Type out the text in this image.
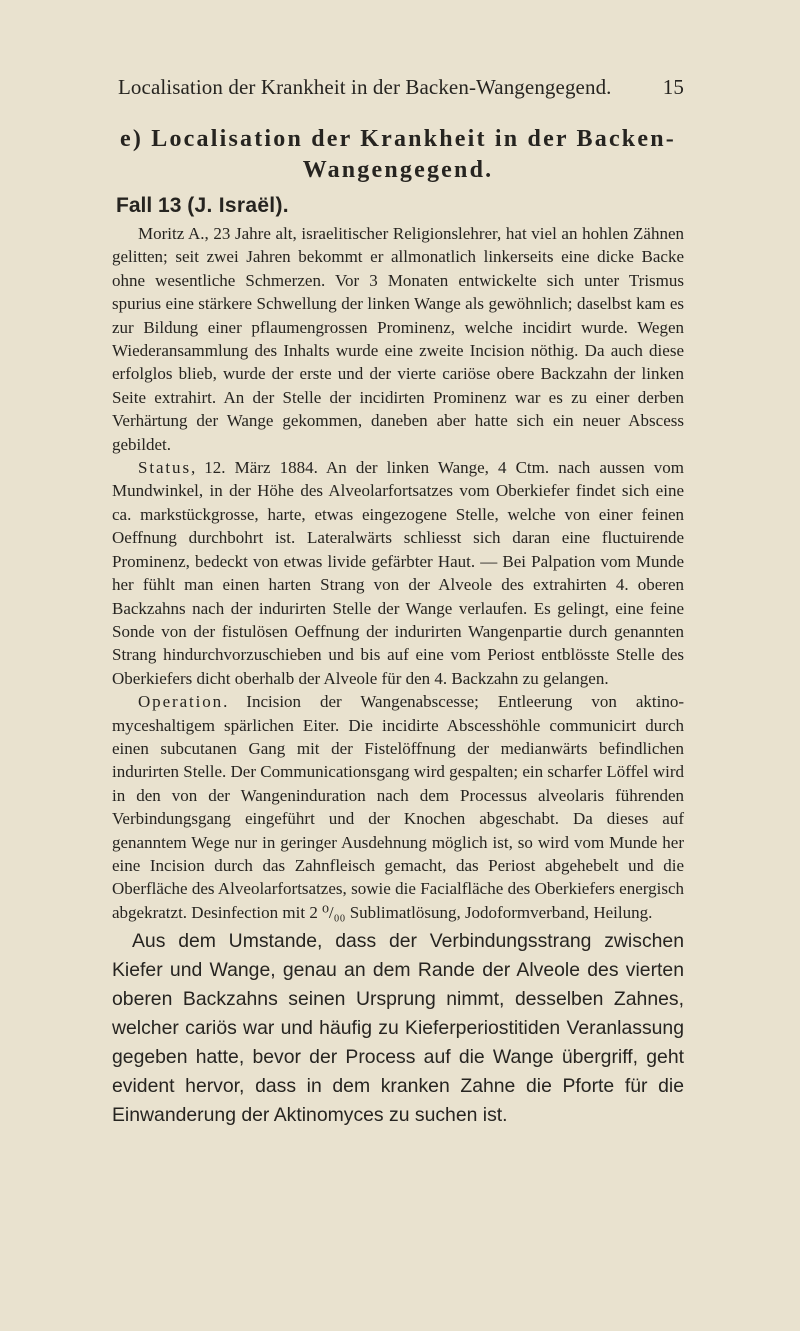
Localisation der Krankheit in der Backen-Wangengegend. 15
e) Localisation der Krankheit in der Backen-
Wangengegend.
Fall 13 (J. Israël).

Moritz A., 23 Jahre alt, israelitischer Religionslehrer, hat viel an hohlen Zähnen gelitten; seit zwei Jahren bekommt er allmonatlich linkerseits eine dicke Backe ohne wesentliche Schmerzen. Vor 3 Monaten entwickelte sich unter Trismus spurius eine stärkere Schwellung der linken Wange als gewöhnlich; daselbst kam es zur Bildung einer pflaumengrossen Prominenz, welche incidirt wurde. Wegen Wiederansammlung des Inhalts wurde eine zweite Incision nöthig. Da auch diese erfolglos blieb, wurde der erste und der vierte cariöse obere Backzahn der linken Seite extrahirt. An der Stelle der incidirten Prominenz war es zu einer derben Verhärtung der Wange gekommen, daneben aber hatte sich ein neuer Abscess gebildet.

Status, 12. März 1884. An der linken Wange, 4 Ctm. nach aussen vom Mundwinkel, in der Höhe des Alveolarfortsatzes vom Oberkiefer findet sich eine ca. markstückgrosse, harte, etwas eingezogene Stelle, welche von einer feinen Oeffnung durchbohrt ist. Lateralwärts schliesst sich daran eine fluctuirende Prominenz, bedeckt von etwas livide gefärbter Haut. — Bei Palpation vom Munde her fühlt man einen harten Strang von der Alveole des extrahirten 4. oberen Backzahns nach der indurirten Stelle der Wange verlaufen. Es gelingt, eine feine Sonde von der fistulösen Oeffnung der indurirten Wangenpartie durch genannten Strang hindurchvorzuschieben und bis auf eine vom Periost entblösste Stelle des Oberkiefers dicht oberhalb der Alveole für den 4. Backzahn zu gelangen.

Operation. Incision der Wangenabscesse; Entleerung von aktinomyceshaltigem spärlichen Eiter. Die incidirte Abscesshöhle communicirt durch einen subcutanen Gang mit der Fistelöffnung der medianwärts befindlichen indurirten Stelle. Der Communicationsgang wird gespalten; ein scharfer Löffel wird in den von der Wangeninduration nach dem Processus alveolaris führenden Verbindungsgang eingeführt und der Knochen abgeschabt. Da dieses auf genanntem Wege nur in geringer Ausdehnung möglich ist, so wird vom Munde her eine Incision durch das Zahnfleisch gemacht, das Periost abgehebelt und die Oberfläche des Alveolarfortsatzes, sowie die Facialfläche des Oberkiefers energisch abgekratzt. Desinfection mit 2 ⁰/₀₀ Sublimatlösung, Jodoformverband, Heilung.

Aus dem Umstande, dass der Verbindungsstrang zwischen Kiefer und Wange, genau an dem Rande der Alveole des vierten oberen Backzahns seinen Ursprung nimmt, desselben Zahnes, welcher cariös war und häufig zu Kieferperiostitiden Veranlassung gegeben hatte, bevor der Process auf die Wange übergriff, geht evident hervor, dass in dem kranken Zahne die Pforte für die Einwanderung der Aktinomyces zu suchen ist.
